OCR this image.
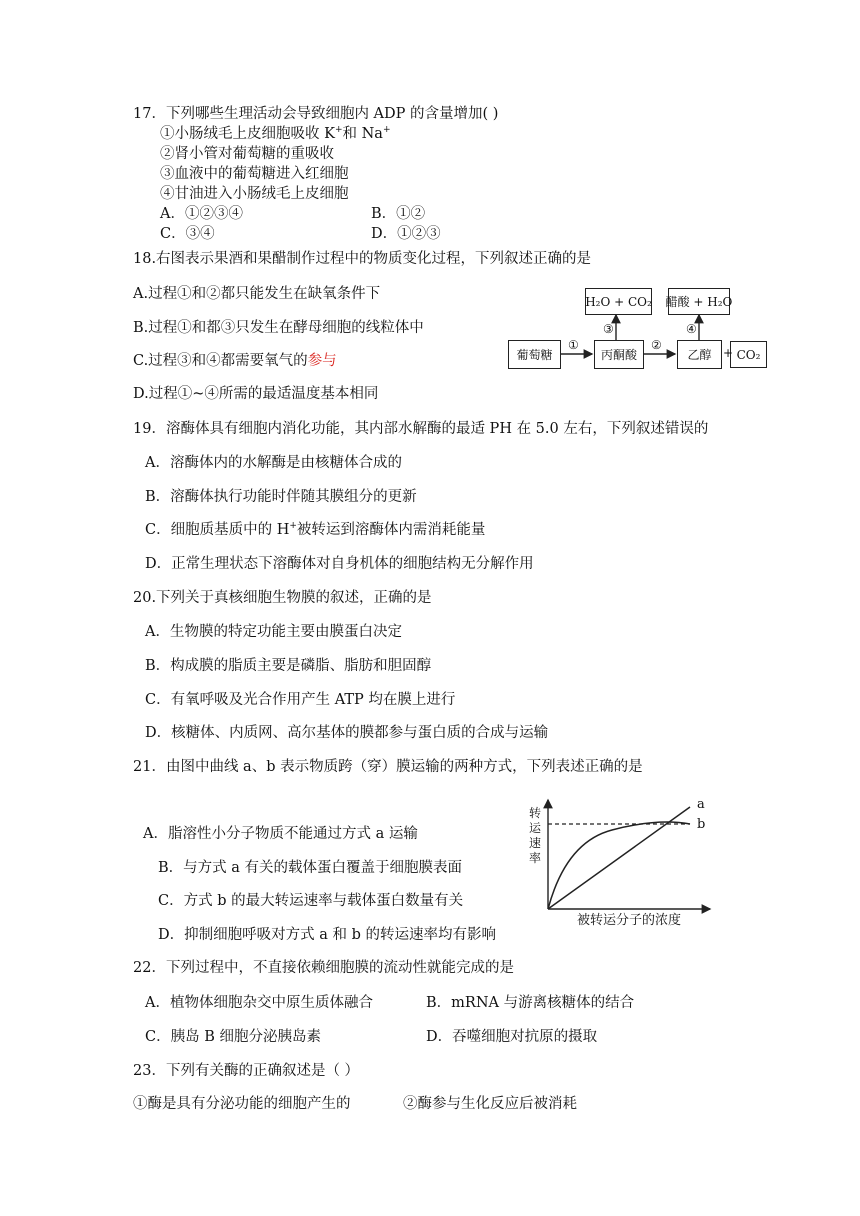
17．下列哪些生理活动会导致细胞内 ADP 的含量增加( )
①小肠绒毛上皮细胞吸收 K+和 Na+
②肾小管对葡萄糖的重吸收
③血液中的葡萄糖进入红细胞
④甘油进入小肠绒毛上皮细胞
A．①②③④	B．①②
C．③④	D．①②③
18.右图表示果酒和果醋制作过程中的物质变化过程，下列叙述正确的是
A.过程①和②都只能发生在缺氧条件下
B.过程①和都③只发生在酵母细胞的线粒体中
C.过程③和④都需要氧气的参与
D.过程①~④所需的最适温度基本相同
葡萄糖	丙酮酸	乙醇
H₂O + CO₂ 醋酸 + H₂O
CO₂
+
①	②
③	④
19．溶酶体具有细胞内消化功能，其内部水解酶的最适 PH 在 5.0 左右，下列叙述错误的
A．溶酶体内的水解酶是由核糖体合成的
B．溶酶体执行功能时伴随其膜组分的更新
C．细胞质基质中的 H+被转运到溶酶体内需消耗能量
D．正常生理状态下溶酶体对自身机体的细胞结构无分解作用
20.下列关于真核细胞生物膜的叙述，正确的是
A．生物膜的特定功能主要由膜蛋白决定
B．构成膜的脂质主要是磷脂、脂肪和胆固醇
C．有氧呼吸及光合作用产生 ATP 均在膜上进行
D．核糖体、内质网、高尔基体的膜都参与蛋白质的合成与运输
21．由图中曲线 a、b 表示物质跨（穿）膜运输的两种方式，下列表述正确的是
A．脂溶性小分子物质不能通过方式 a 运输
B．与方式 a 有关的载体蛋白覆盖于细胞膜表面
C．方式 b 的最大转运速率与载体蛋白数量有关
D．抑制细胞呼吸对方式 a 和 b 的转运速率均有影响
转运速率
被转运分子的浓度
a
b
22．下列过程中，不直接依赖细胞膜的流动性就能完成的是
A．植物体细胞杂交中原生质体融合	B．mRNA 与游离核糖体的结合
C．胰岛 B 细胞分泌胰岛素	D．吞噬细胞对抗原的摄取
23．下列有关酶的正确叙述是（ ）
①酶是具有分泌功能的细胞产生的	②酶参与生化反应后被消耗
